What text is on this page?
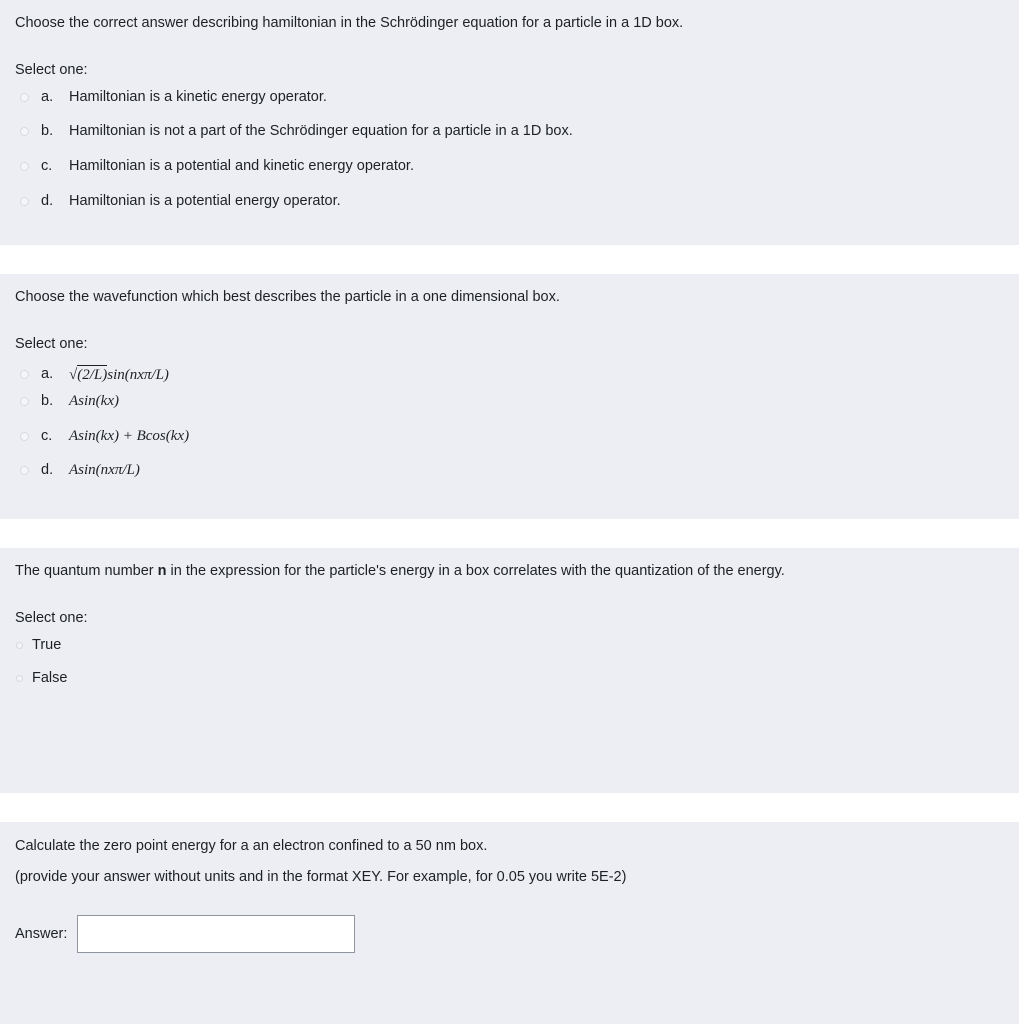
Choose the correct answer describing hamiltonian in the Schrödinger equation for a particle in a 1D box.
Select one:
a.	Hamiltonian is a kinetic energy operator.
b.	Hamiltonian is not a part of the Schrödinger equation for a particle in a 1D box.
c.	Hamiltonian is a potential and kinetic energy operator.
d.	Hamiltonian is a potential energy operator.
Choose the wavefunction which best describes the particle in a one dimensional box.
Select one:
a.	√(2/L)sin(nxπ/L)
b.	Asin(kx)
c.	Asin(kx) + Bcos(kx)
d.	Asin(nxπ/L)
The quantum number n in the expression for the particle's energy in a box correlates with the quantization of the energy.
Select one:
True
False
Calculate the zero point energy for a an electron confined to a 50 nm box.
(provide your answer without units and in the format XEY. For example, for 0.05 you write 5E-2)
Answer:
